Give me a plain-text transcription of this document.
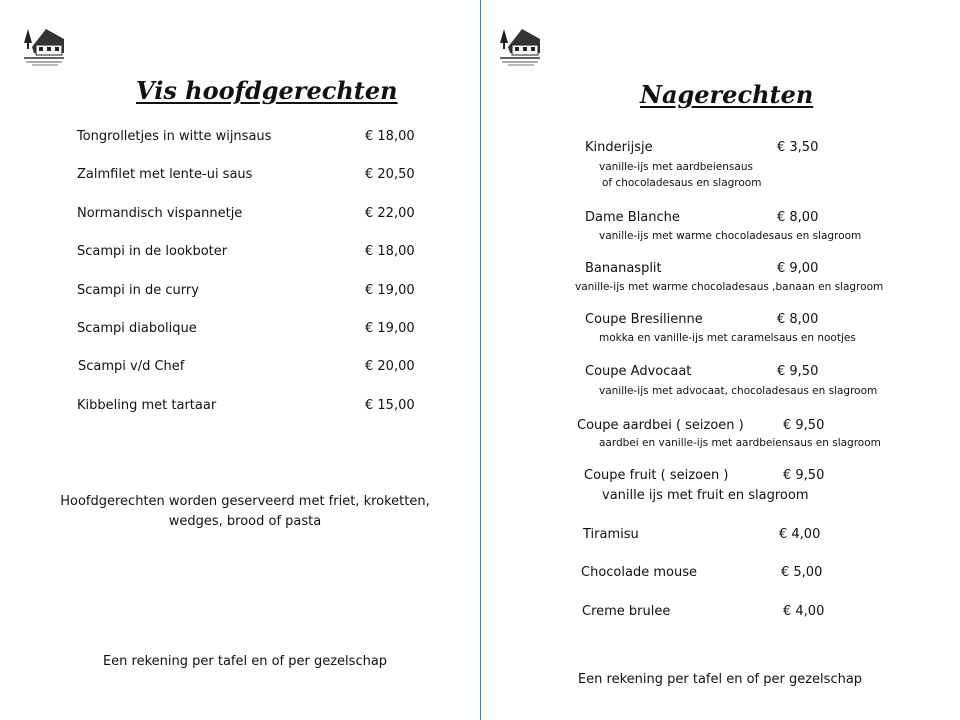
Vis hoofdgerechten
Tongrolletjes in witte wijnsaus	€ 18,00
Zalmfilet met lente-ui saus	€ 20,50
Normandisch vispannetje	€ 22,00
Scampi in de lookboter	€ 18,00
Scampi in de curry	€ 19,00
Scampi diabolique	€ 19,00
Scampi v/d Chef	€ 20,00
Kibbeling met tartaar	€ 15,00
Hoofdgerechten worden geserveerd met friet, kroketten,
wedges, brood of pasta
Een rekening per tafel en of per gezelschap
Nagerechten
Kinderijsje	€ 3,50
vanille-ijs met aardbeiensaus
of chocoladesaus en slagroom
Dame Blanche	€ 8,00
vanille-ijs met warme chocoladesaus en slagroom
Bananasplit	€ 9,00
vanille-ijs met warme chocoladesaus ,banaan en slagroom
Coupe Bresilienne	€ 8,00
mokka en vanille-ijs met caramelsaus en nootjes
Coupe Advocaat	€ 9,50
vanille-ijs met advocaat, chocoladesaus en slagroom
Coupe aardbei ( seizoen )	€ 9,50
aardbei en vanille-ijs met aardbeiensaus en slagroom
Coupe fruit ( seizoen )	€ 9,50
vanille ijs met fruit en slagroom
Tiramisu	€ 4,00
Chocolade mouse	€ 5,00
Creme brulee	€ 4,00
Een rekening per tafel en of per gezelschap
